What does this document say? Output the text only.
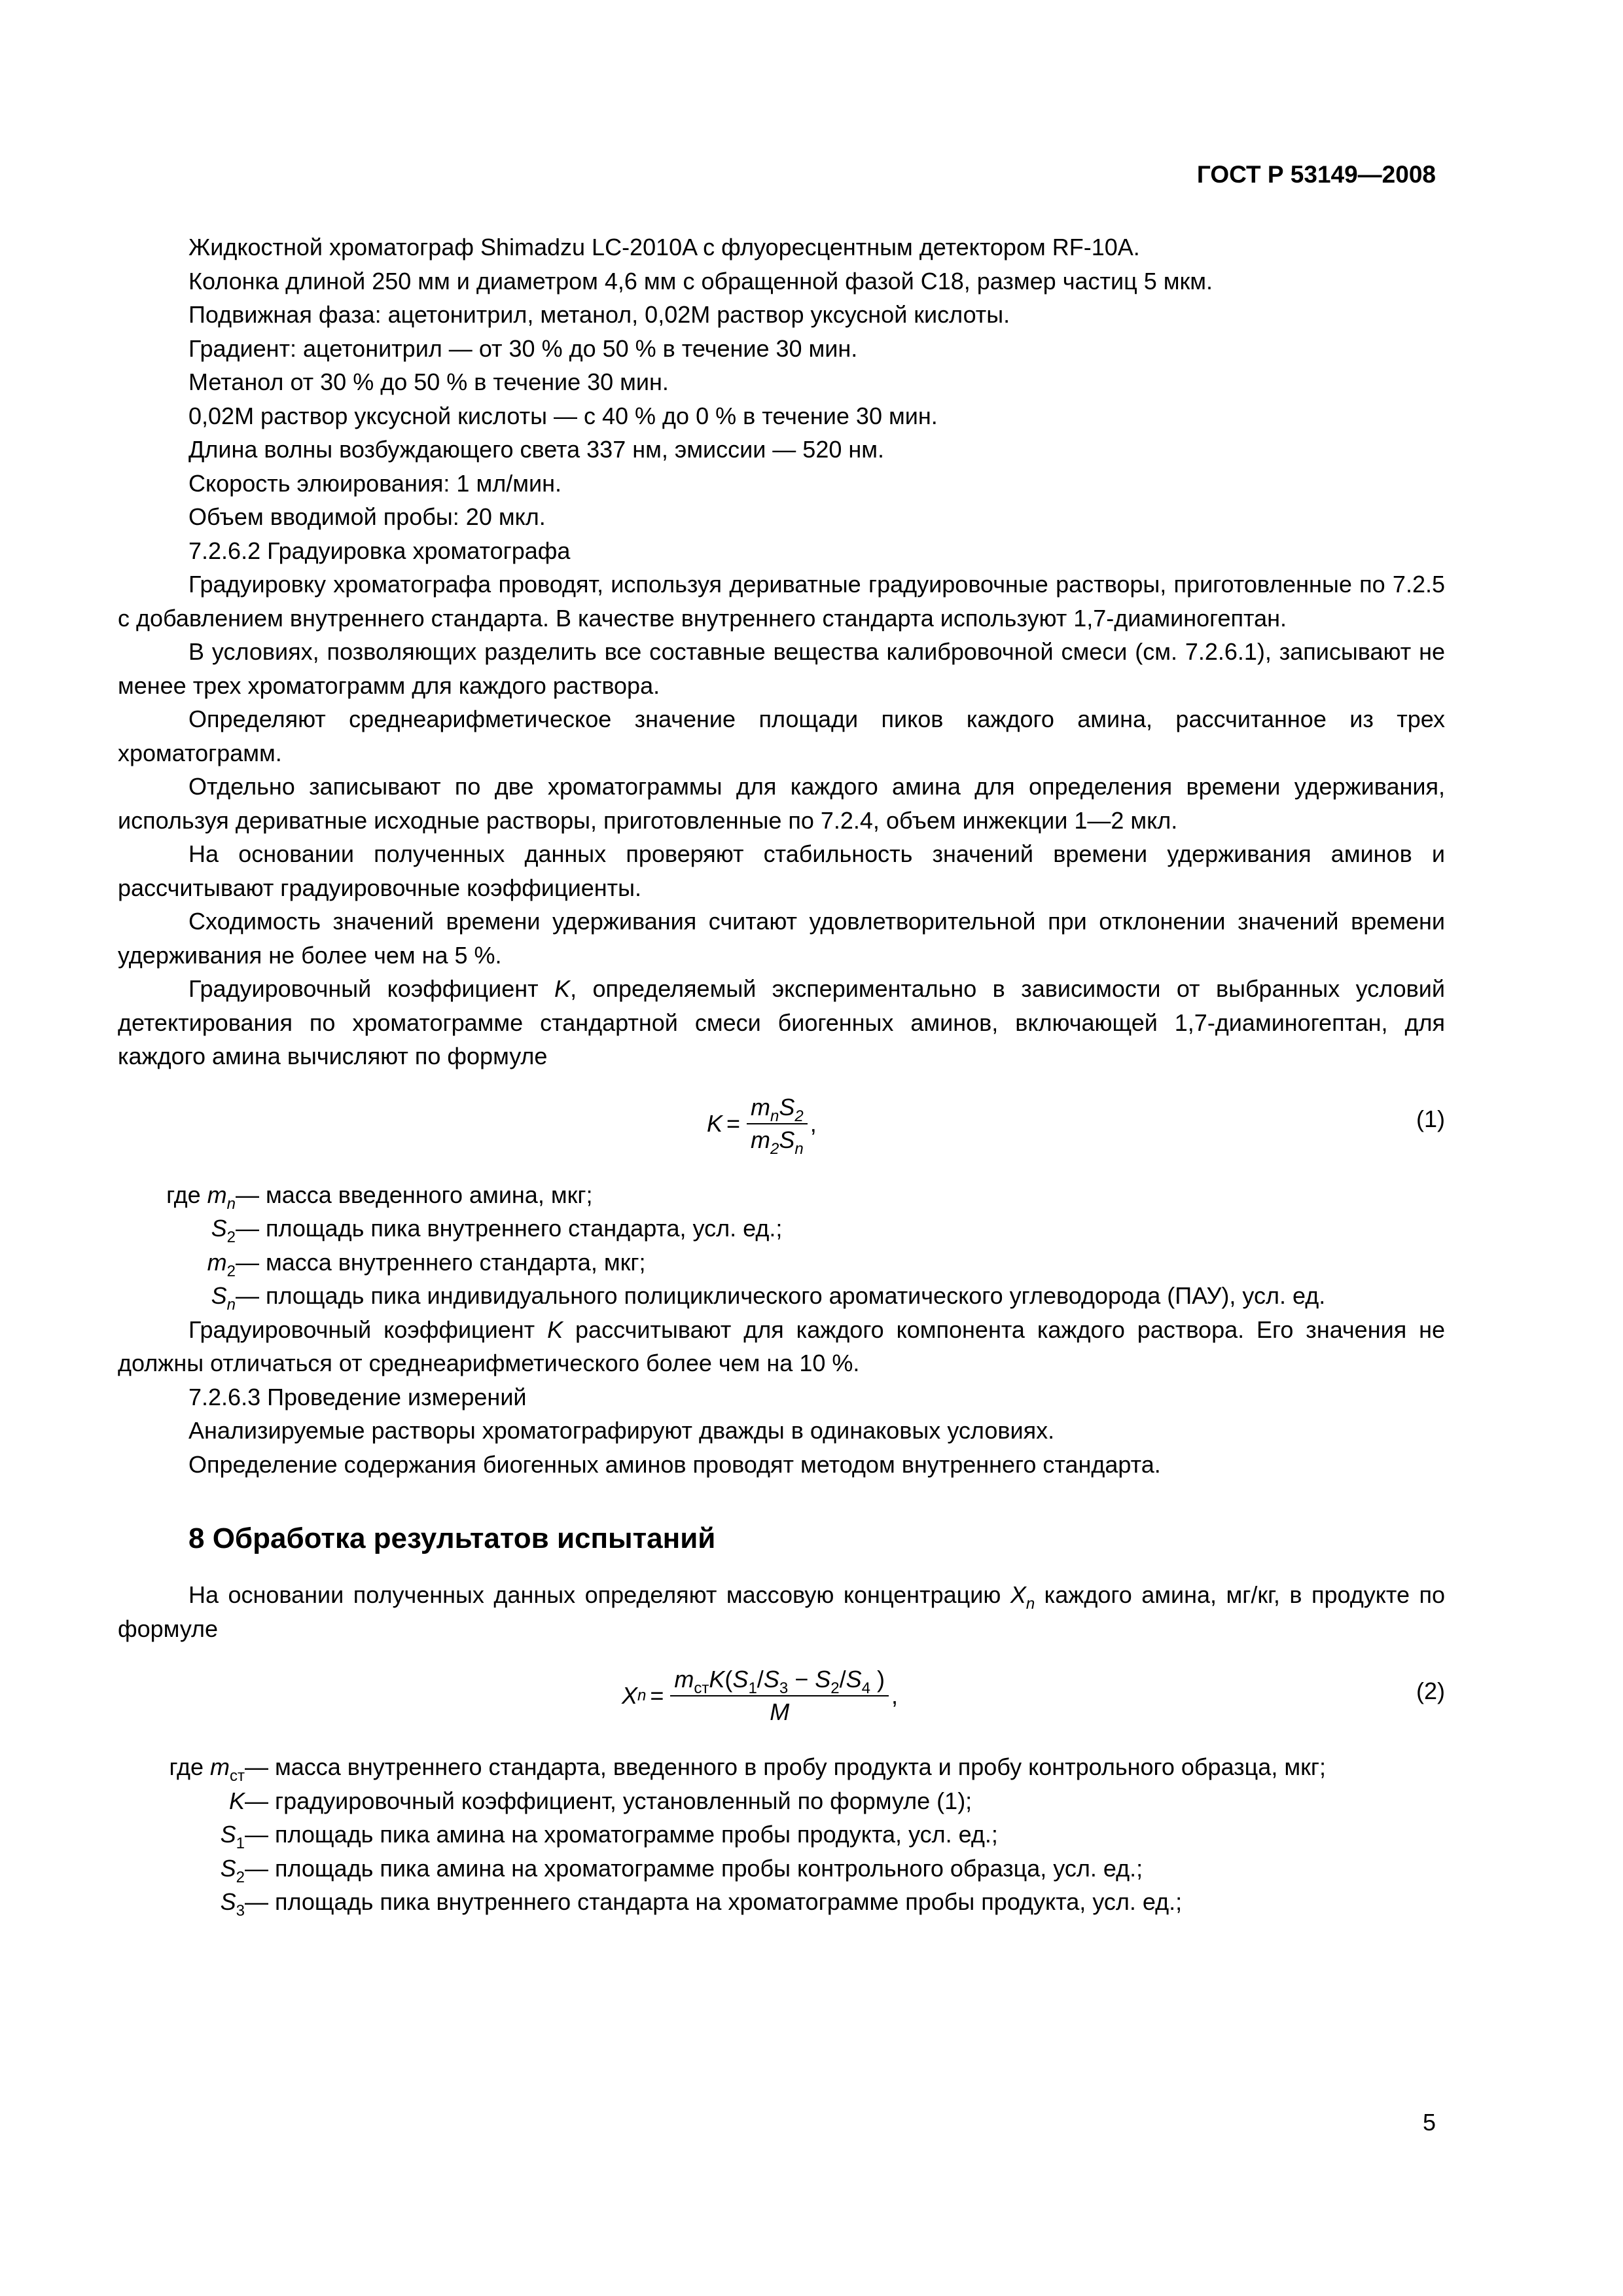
ГОСТ Р 53149—2008

Жидкостной хроматограф Shimadzu LC-2010A с флуоресцентным детектором RF-10A.

Колонка длиной 250 мм и диаметром 4,6 мм с обращенной фазой С18, размер частиц 5 мкм.

Подвижная фаза: ацетонитрил, метанол, 0,02М раствор уксусной кислоты.

Градиент: ацетонитрил — от 30 % до 50 % в течение 30 мин.

Метанол от 30 % до 50 % в течение 30 мин.

0,02М раствор уксусной кислоты — с 40 % до 0 % в течение 30 мин.

Длина волны возбуждающего света 337 нм, эмиссии — 520 нм.

Скорость элюирования: 1 мл/мин.

Объем вводимой пробы: 20 мкл.

7.2.6.2 Градуировка хроматографа

Градуировку хроматографа проводят, используя дериватные градуировочные растворы, приготовленные по 7.2.5 с добавлением внутреннего стандарта. В качестве внутреннего стандарта используют 1,7-диаминогептан.

В условиях, позволяющих разделить все составные вещества калибровочной смеси (см. 7.2.6.1), записывают не менее трех хроматограмм для каждого раствора.

Определяют среднеарифметическое значение площади пиков каждого амина, рассчитанное из трех хроматограмм.

Отдельно записывают по две хроматограммы для каждого амина для определения времени удерживания, используя дериватные исходные растворы, приготовленные по 7.2.4, объем инжекции 1—2 мкл.

На основании полученных данных проверяют стабильность значений времени удерживания аминов и рассчитывают градуировочные коэффициенты.

Сходимость значений времени удерживания считают удовлетворительной при отклонении значений времени удерживания не более чем на 5 %.

Градуировочный коэффициент K, определяемый экспериментально в зависимости от выбранных условий детектирования по хроматограмме стандартной смеси биогенных аминов, включающей 1,7-диаминогептан, для каждого амина вычисляют по формуле

$K = \frac{m_nS_2}{m_2S_n}$ ,	(1)
где $m_n$ — масса введенного амина, мкг;
$S_2$ — площадь пика внутреннего стандарта, усл. ед.;
$m_2$ — масса внутреннего стандарта, мкг;
$S_n$ — площадь пика индивидуального полициклического ароматического углеводорода (ПАУ), усл. ед.

Градуировочный коэффициент K рассчитывают для каждого компонента каждого раствора. Его значения не должны отличаться от среднеарифметического более чем на 10 %.

7.2.6.3 Проведение измерений

Анализируемые растворы хроматографируют дважды в одинаковых условиях.

Определение содержания биогенных аминов проводят методом внутреннего стандарта.

8 Обработка результатов испытаний

На основании полученных данных определяют массовую концентрацию $X_n$ каждого амина, мг/кг, в продукте по формуле

X $n = \frac{m_{ст}K(S_1/S_3 - S_2/S_4 )}{M}$ ,	(2)
где $m_{ст}$ — масса внутреннего стандарта, введенного в пробу продукта и пробу контрольного образца, мкг;
K — градуировочный коэффициент, установленный по формуле (1);
$S_1$ — площадь пика амина на хроматограмме пробы продукта, усл. ед.;
$S_2$ — площадь пика амина на хроматограмме пробы контрольного образца, усл. ед.;
$S_3$ — площадь пика внутреннего стандарта на хроматограмме пробы продукта, усл. ед.;
5
